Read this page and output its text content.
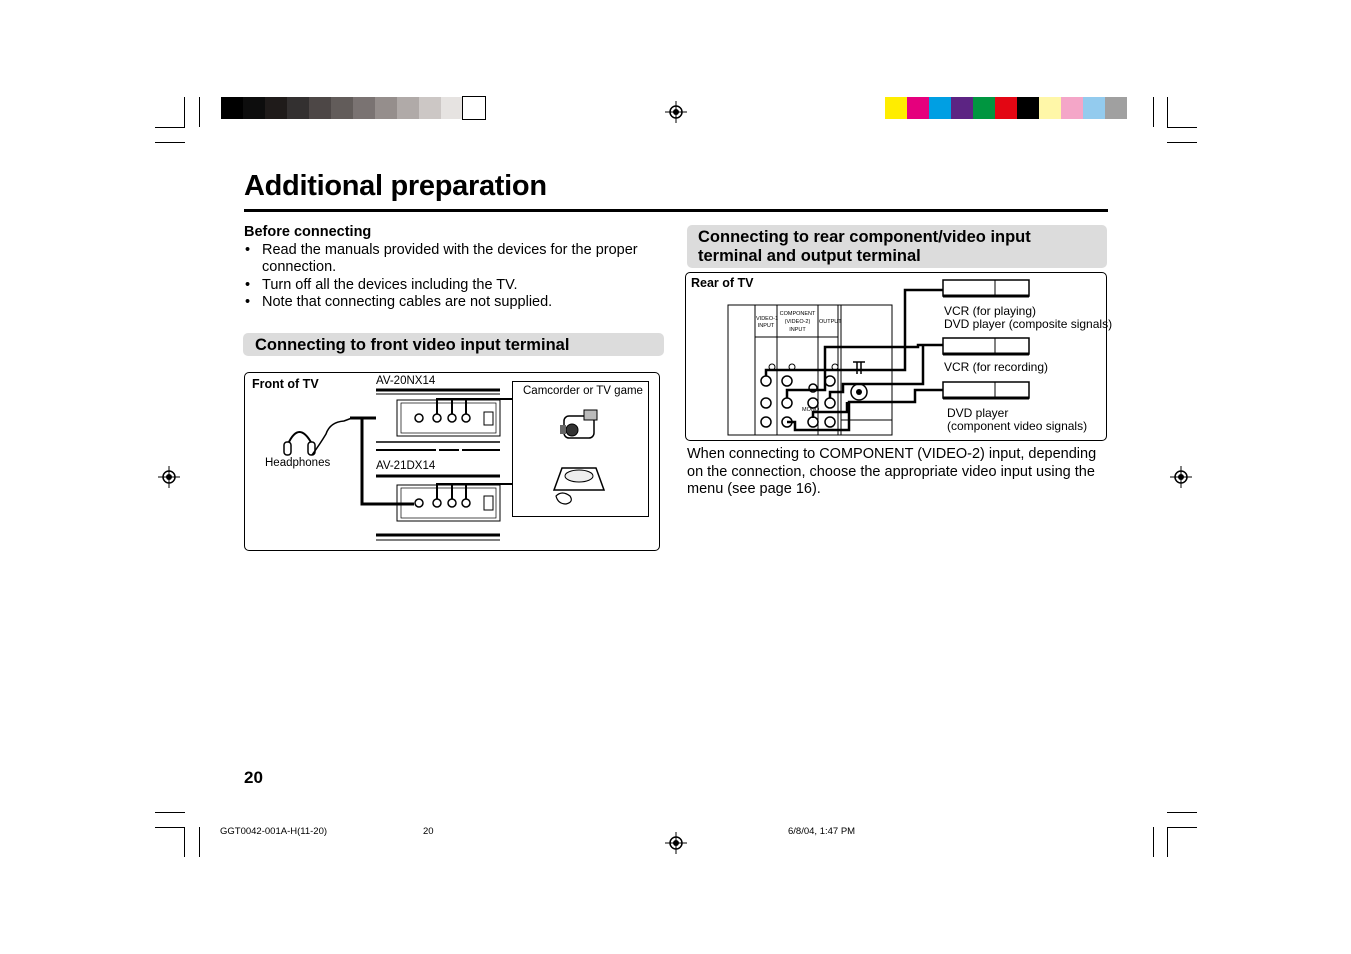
Additional preparation
Before connecting
• Read the manuals provided with the devices for the proper connection.
• Turn off all the devices including the TV.
• Note that connecting cables are not supplied.
Connecting to front video input terminal
Front of TV	AV-20NX14
AV-21DX14
Headphones
Camcorder or TV game
Connecting to rear component/video input
terminal and output terminal
Rear of TV
VIDEO-1
INPUT
COMPONENT
(VIDEO-2)
INPUT
OUTPUT
MONO
VCR (for playing)
DVD player (composite signals)
VCR (for recording)
DVD player
(component video signals)
When connecting to COMPONENT (VIDEO-2) input, depending on the connection, choose the appropriate video input using the menu (see page 16).
20
GGT0042-001A-H(11-20)	20	6/8/04, 1:47 PM
